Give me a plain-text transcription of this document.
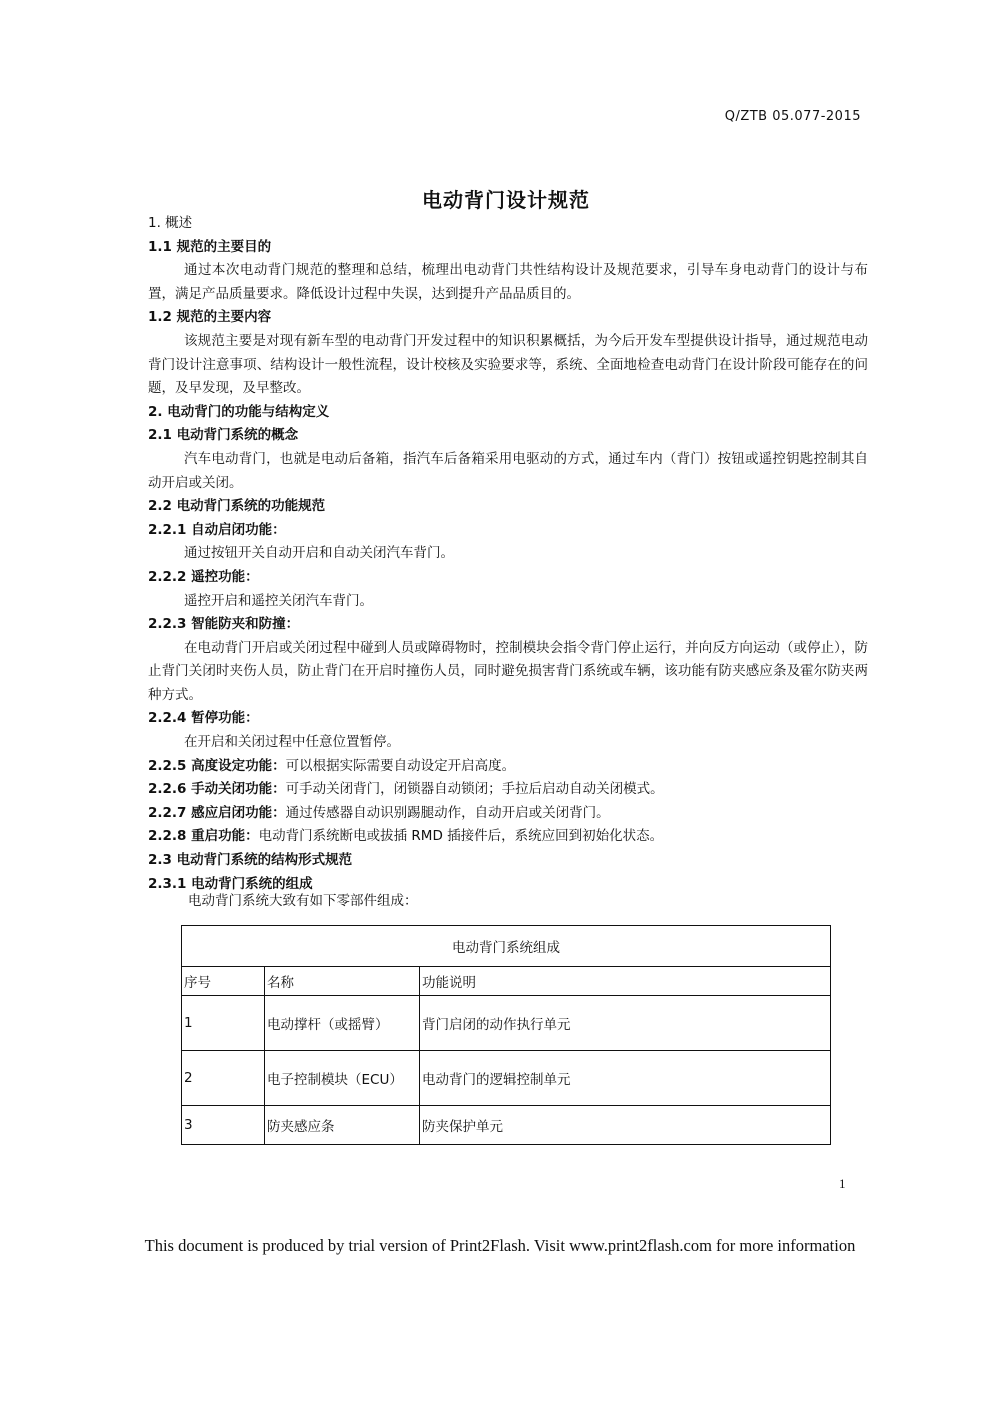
Q/ZTB 05.077-2015
电动背门设计规范
1. 概述
1.1 规范的主要目的
通过本次电动背门规范的整理和总结，梳理出电动背门共性结构设计及规范要求，引导车身电动背门的设计与布置，满足产品质量要求。降低设计过程中失误，达到提升产品品质目的。
1.2 规范的主要内容
该规范主要是对现有新车型的电动背门开发过程中的知识积累概括，为今后开发车型提供设计指导，通过规范电动背门设计注意事项、结构设计一般性流程，设计校核及实验要求等，系统、全面地检查电动背门在设计阶段可能存在的问题，及早发现，及早整改。
2. 电动背门的功能与结构定义
2.1 电动背门系统的概念
汽车电动背门，也就是电动后备箱，指汽车后备箱采用电驱动的方式，通过车内（背门）按钮或遥控钥匙控制其自动开启或关闭。
2.2 电动背门系统的功能规范
2.2.1 自动启闭功能：
通过按钮开关自动开启和自动关闭汽车背门。
2.2.2 遥控功能：
遥控开启和遥控关闭汽车背门。
2.2.3 智能防夹和防撞：
在电动背门开启或关闭过程中碰到人员或障碍物时，控制模块会指令背门停止运行，并向反方向运动（或停止），防止背门关闭时夹伤人员，防止背门在开启时撞伤人员，同时避免损害背门系统或车辆，该功能有防夹感应条及霍尔防夹两种方式。
2.2.4 暂停功能：
在开启和关闭过程中任意位置暂停。
2.2.5 高度设定功能：可以根据实际需要自动设定开启高度。
2.2.6 手动关闭功能：可手动关闭背门，闭锁器自动锁闭；手拉后启动自动关闭模式。
2.2.7 感应启闭功能：通过传感器自动识别踢腿动作，自动开启或关闭背门。
2.2.8 重启功能：电动背门系统断电或拔插 RMD 插接件后，系统应回到初始化状态。
2.3 电动背门系统的结构形式规范
2.3.1 电动背门系统的组成
电动背门系统大致有如下零部件组成：
电动背门系统组成		
序号	名称	功能说明
1	电动撑杆（或摇臂）	背门启闭的动作执行单元
2	电子控制模块（ECU）	电动背门的逻辑控制单元
3	防夹感应条	防夹保护单元
1
This document is produced by trial version of Print2Flash. Visit www.print2flash.com for more information
